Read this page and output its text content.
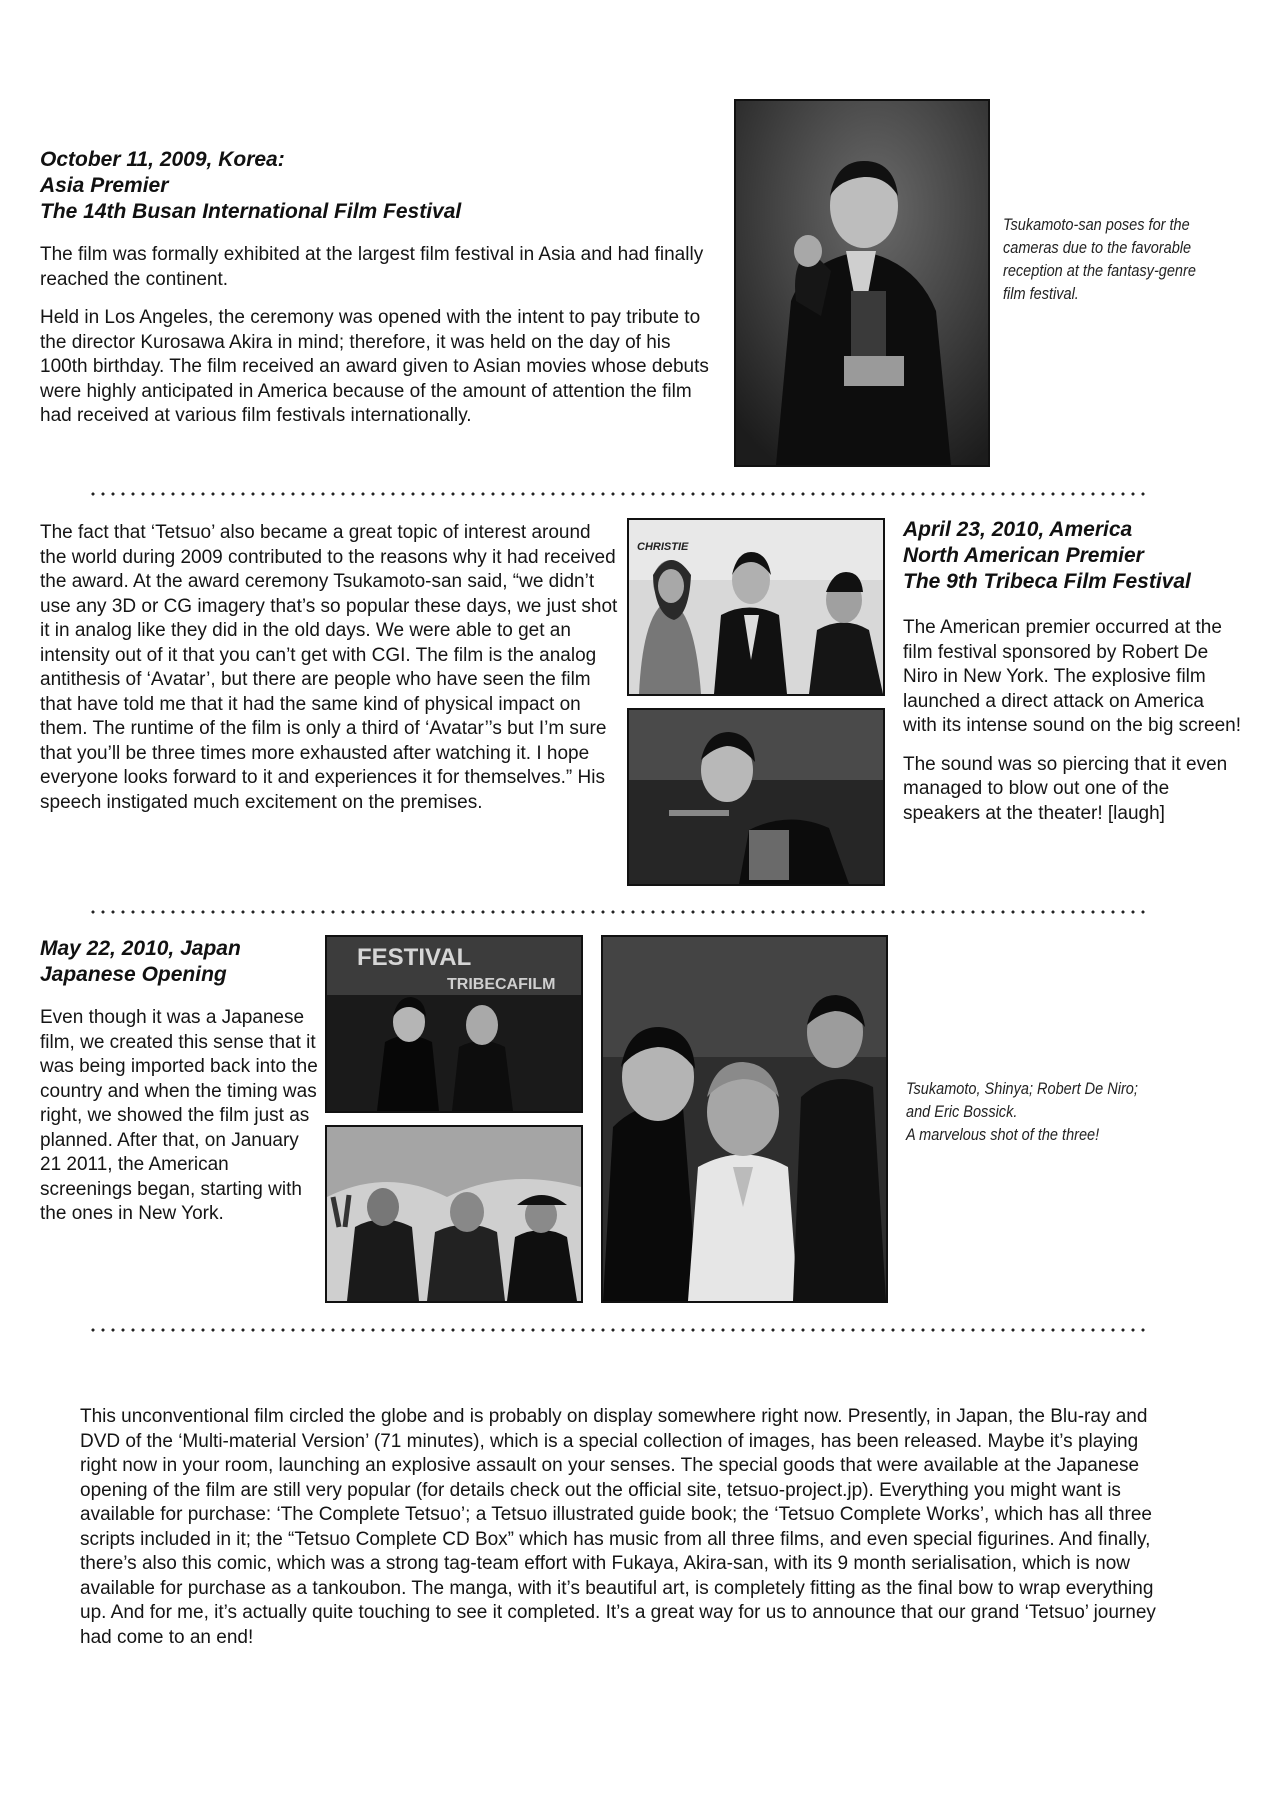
October 11, 2009, Korea:
Asia Premier
The 14th Busan International Film Festival

The film was formally exhibited at the largest film festival in Asia and had finally reached the continent.

Held in Los Angeles, the ceremony was opened with the intent to pay tribute to the director Kurosawa Akira in mind; therefore, it was held on the day of his 100th birthday. The film received an award given to Asian movies whose debuts were highly anticipated in America because of the amount of attention the film had received at various film festivals internationally.

Tsukamoto-san poses for the
cameras due to the favorable
reception at the fantasy-genre
film festival.

The fact that ‘Tetsuo’ also became a great topic of interest around the world during 2009 contributed to the reasons why it had received the award. At the award ceremony Tsukamoto-san said, “we didn’t use any 3D or CG imagery that’s so popular these days, we just shot it in analog like they did in the old days. We were able to get an intensity out of it that you can’t get with CGI. The film is the analog antithesis of ‘Avatar’, but there are people who have seen the film that have told me that it had the same kind of physical impact on them. The runtime of the film is only a third of ‘Avatar’’s but I’m sure that you’ll be three times more exhausted after watching it. I hope everyone looks forward to it and experiences it for themselves.” His speech instigated much excitement on the premises.

CHRISTIE
April 23, 2010, America
North American Premier
The 9th Tribeca Film Festival

The American premier occurred at the film festival sponsored by Robert De Niro in New York. The explosive film launched a direct attack on America with its intense sound on the big screen!

The sound was so piercing that it even managed to blow out one of the speakers at the theater! [laugh]

May 22, 2010, Japan
Japanese Opening

Even though it was a Japanese film, we created this sense that it was being imported back into the country and when the timing was right, we showed the film just as planned. After that, on January 21 2011, the American screenings began, starting with the ones in New York.

FESTIVAL
TRIBECAFILM
Tsukamoto, Shinya; Robert De Niro;
and Eric Bossick.
A marvelous shot of the three!

This unconventional film circled the globe and is probably on display somewhere right now. Presently, in Japan, the Blu-ray and DVD of the ‘Multi-material Version’ (71 minutes), which is a special collection of images, has been released. Maybe it’s playing right now in your room, launching an explosive assault on your senses. The special goods that were available at the Japanese opening of the film are still very popular (for details check out the official site, tetsuo-project.jp). Everything you might want is available for purchase: ‘The Complete Tetsuo’; a Tetsuo illustrated guide book; the ‘Tetsuo Complete Works’, which has all three scripts included in it; the “Tetsuo Complete CD Box” which has music from all three films, and even special figurines. And finally, there’s also this comic, which was a strong tag-team effort with Fukaya, Akira-san, with its 9 month serialisation, which is now available for purchase as a tankoubon. The manga, with it’s beautiful art, is completely fitting as the final bow to wrap everything up. And for me, it’s actually quite touching to see it completed. It’s a great way for us to announce that our grand ‘Tetsuo’ journey had come to an end!
